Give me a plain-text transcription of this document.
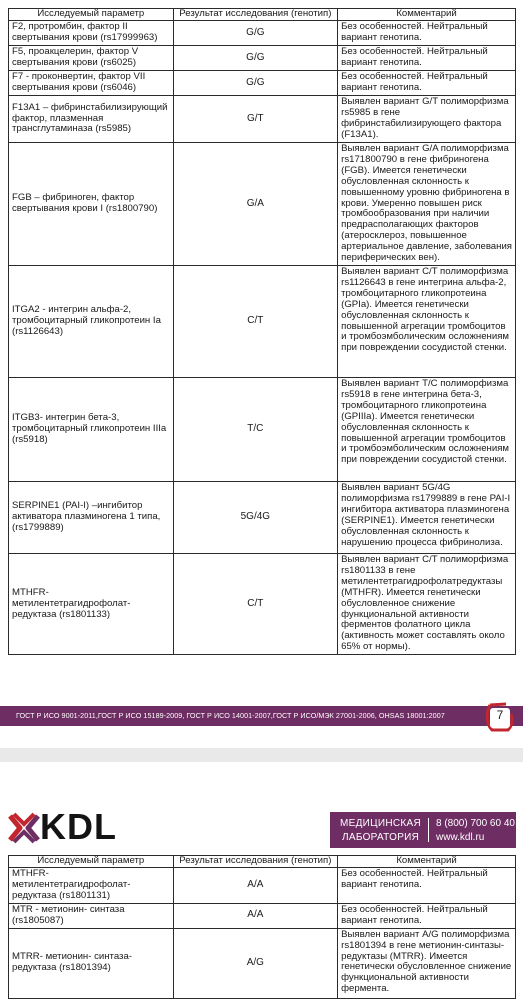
Исследуемый параметр	Результат исследования (генотип)	Комментарий
F2, протромбин, фактор II свертывания крови (rs17999963)	G/G	Без особенностей. Нейтральный вариант генотипа.
F5, проакцелерин, фактор V свертывания крови (rs6025)	G/G	Без особенностей. Нейтральный вариант генотипа.
F7 - проконвертин, фактор VII свертывания крови (rs6046)	G/G	Без особенностей. Нейтральный вариант генотипа.
F13A1 – фибринстабилизирующий фактор, плазменная трансглутаминаза (rs5985)	G/T	Выявлен вариант G/T полиморфизма rs5985 в гене фибринстабилизирующего фактора (F13A1).
FGB – фибриноген, фактор свертывания крови I (rs1800790)	G/A	Выявлен вариант G/A полиморфизма rs171800790 в гене фибриногена (FGB). Имеется генетически обусловленная склонность к повышенному уровню фибриногена в крови. Умеренно повышен риск тромбообразования при наличии предрасполагающих факторов (атеросклероз, повышенное артериальное давление, заболевания периферических вен).
ITGA2 - интегрин альфа-2, тромбоцитарный гликопротеин Ia (rs1126643)	C/T	Выявлен вариант C/T полиморфизма rs1126643 в гене интегрина альфа-2, тромбоцитарного гликопротеина (GPIa). Имеется генетически обусловленная склонность к повышенной агрегации тромбоцитов и тромбоэмболическим осложнениям при повреждении сосудистой стенки.
ITGB3- интегрин бета-3, тромбоцитарный гликопротеин IIIa (rs5918)	T/C	Выявлен вариант T/C полиморфизма rs5918 в гене интегрина бета-3, тромбоцитарного гликопротеина (GPIIIa). Имеется генетически обусловленная склонность к повышенной агрегации тромбоцитов и тромбоэмболическим осложнениям при повреждении сосудистой стенки.
SERPINE1 (PAI-I) –ингибитор активатора плазминогена 1 типа, (rs1799889)	5G/4G	Выявлен вариант 5G/4G полиморфизма rs1799889 в гене PAI-I ингибитора активатора плазминогена (SERPINE1). Имеется генетически обусловленная склонность к нарушению процесса фибринолиза.
MTHFR- метилентетрагидрофолат-редуктаза (rs1801133)	C/T	Выявлен вариант C/T полиморфизма rs1801133 в гене метилентетрагидрофолатредуктазы (MTHFR). Имеется генетически обусловленное снижение функциональной активности ферментов фолатного цикла (активность может составлять около 65% от нормы).
ГОСТ Р ИСО 9001-2011,ГОСТ Р ИСО 15189-2009, ГОСТ Р ИСО 14001-2007,ГОСТ Р ИСО/МЭК 27001-2006, OHSAS 18001:2007	7
KDL	МЕДИЦИНСКАЯ
ЛАБОРАТОРИЯ
8 (800) 700 60 40
www.kdl.ru
Исследуемый параметр	Результат исследования (генотип)	Комментарий
MTHFR- метилентетрагидрофолат-редуктаза (rs1801131)	A/A	Без особенностей. Нейтральный вариант генотипа.
MTR - метионин- синтаза (rs1805087)	A/A	Без особенностей. Нейтральный вариант генотипа.
MTRR- метионин- синтаза-редуктаза (rs1801394)	A/G	Выявлен вариант A/G полиморфизма rs1801394 в гене метионин-синтазы-редуктазы (MTRR). Имеется генетически обусловленное снижение функциональной активности фермента.
